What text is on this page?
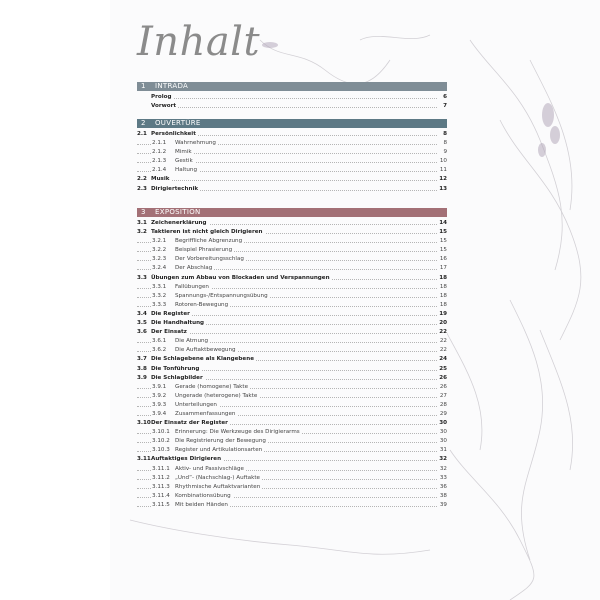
Inhalt
1 INTRADA
Prolog	6
Vorwort	7
2 OUVERTÜRE
2.1 Persönlichkeit	8
2.1.1 Wahrnehmung	8
2.1.2 Mimik	9
2.1.3 Gestik	10
2.1.4 Haltung	11
2.2 Musik	12
2.3 Dirigiertechnik	13
3 EXPOSITION
3.1 Zeichenerklärung	14
3.2 Taktieren ist nicht gleich Dirigieren	15
3.2.1 Begriffliche Abgrenzung	15
3.2.2 Beispiel Phrasierung	15
3.2.3 Der Vorbereitungsschlag	16
3.2.4 Der Abschlag	17
3.3 Übungen zum Abbau von Blockaden und Verspannungen	18
3.3.1 Fallübungen	18
3.3.2 Spannungs-/Entspannungsübung	18
3.3.3 Rotoren-Bewegung	18
3.4 Die Register	19
3.5 Die Handhaltung	20
3.6 Der Einsatz	22
3.6.1 Die Atmung	22
3.6.2 Die Auftaktbewegung	22
3.7 Die Schlagebene als Klangebene	24
3.8 Die Tonführung	25
3.9 Die Schlagbilder	26
3.9.1 Gerade (homogene) Takte	26
3.9.2 Ungerade (heterogene) Takte	27
3.9.3 Unterteilungen	28
3.9.4 Zusammenfassungen	29
3.10Der Einsatz der Register	30
3.10.1 Erinnerung: Die Werkzeuge des Dirigierarms	30
3.10.2 Die Registrierung der Bewegung	30
3.10.3 Register und Artikulationsarten	31
3.11Auftaktiges Dirigieren	32
3.11.1 Aktiv- und Passivschläge	32
3.11.2 „Und“- (Nachschlag-) Auftakte	33
3.11.3 Rhythmische Auftaktvarianten	36
3.11.4 Kombinationsübung	38
3.11.5 Mit beiden Händen	39
